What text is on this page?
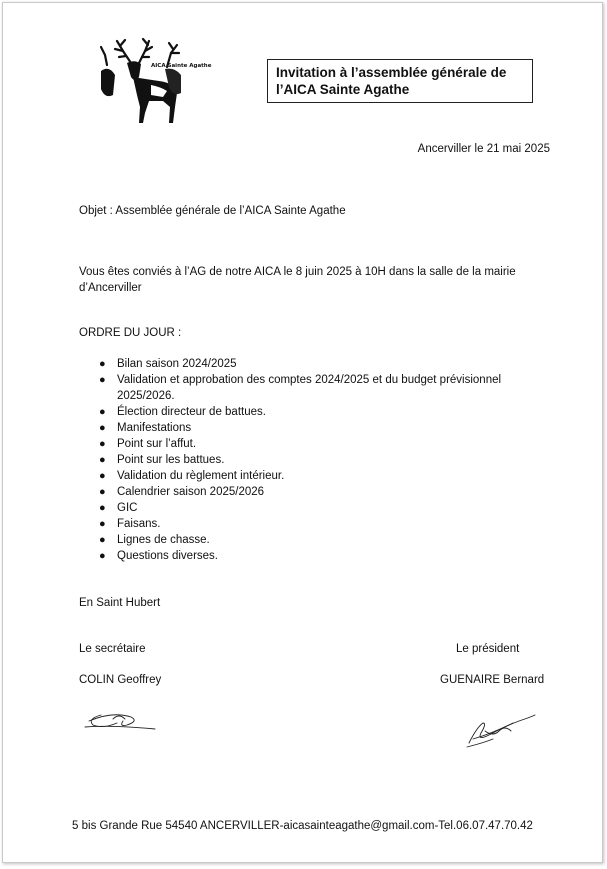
AICA Sainte Agathe	Invitation à l’assemblée générale de
l’AICA Sainte Agathe
Ancerviller le 21 mai 2025
Objet : Assemblée générale de l’AICA Sainte Agathe
Vous êtes conviés à l’AG de notre AICA le 8 juin 2025 à 10H dans la salle de la mairie d’Ancerviller
ORDRE DU JOUR :
● Bilan saison 2024/2025
● Validation et approbation des comptes 2024/2025 et du budget prévisionnel 2025/2026.
● Élection directeur de battues.
● Manifestations
● Point sur l’affut.
● Point sur les battues.
● Validation du règlement intérieur.
● Calendrier saison 2025/2026
● GIC
● Faisans.
● Lignes de chasse.
● Questions diverses.
En Saint Hubert
Le secrétaire	Le président
COLIN Geoffrey	GUENAIRE Bernard
5 bis Grande Rue 54540 ANCERVILLER-aicasainteagathe@gmail.com-Tel.06.07.47.70.42
